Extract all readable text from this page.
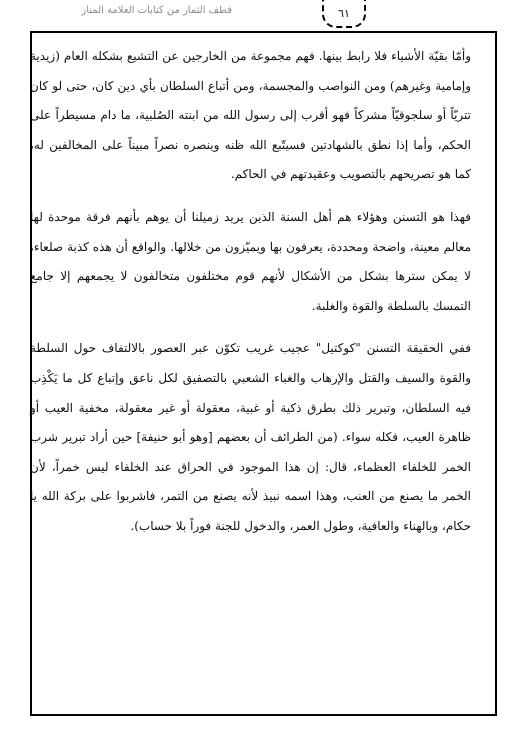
قطف الثمار من كتابات العلامة المنار	٦١

وأمّا بقيّة الأشياء فلا رابط بينها. فهم مجموعة من الخارجين عن التشيع بشكله العام (زيدية وإمامية وغيرهم) ومن النواصب والمجسمة، ومن أتباع السلطان بأي دين كان، حتى لو كان تتريّاً أو سلجوقيّاً مشركاً فهو أقرب إلى رسول الله من ابنته الصُلبية، ما دام مسيطراً على الحكم، وأما إذا نطق بالشهادتين فسيتّبع الله ظنه وينصره نصراً مبيناً على المخالفين له، كما هو تصريحهم بالتصويب وعقيدتهم في الحاكم.

فهذا هو التسنن وهؤلاء هم أهل السنة الذين يريد زميلنا أن يوهم بأنهم فرقة موحدة لها معالم معينة، واضحة ومحددة، يعرفون بها ويميّزون من خلالها. والواقع أن هذه كذبة صلعاء، لا يمكن سترها بشكل من الأشكال لأنهم قوم مختلفون متخالفون لا يجمعهم إلا جامع التمسك بالسلطة والقوة والغلبة.

ففي الحقيقة التسنن "كوكتيل" عجيب غريب تكوّن عبر العصور بالالتفاف حول السلطة والقوة والسيف والقتل والإرهاب والغباء الشعبي بالتصفيق لكل ناعق وإتباع كل ما يَكْذِب فيه السلطان، وتبرير ذلك بطرق ذكية أو غبية، معقولة أو غير معقولة، مخفية العيب أو ظاهرة العيب، فكله سواء. (من الطرائف أن بعضهم [وهو أبو حنيفة] حين أراد تبرير شرب الخمر للخلفاء العظماء، قال: إن هذا الموجود في الحراق عند الخلفاء ليس خمراً، لأن الخمر ما يصنع من العنب، وهذا اسمه نبيذ لأنه يصنع من التمر، فاشربوا على بركة الله يا حكام، وبالهناء والعافية، وطول العمر، والدخول للجنة فوراً بلا حساب).
